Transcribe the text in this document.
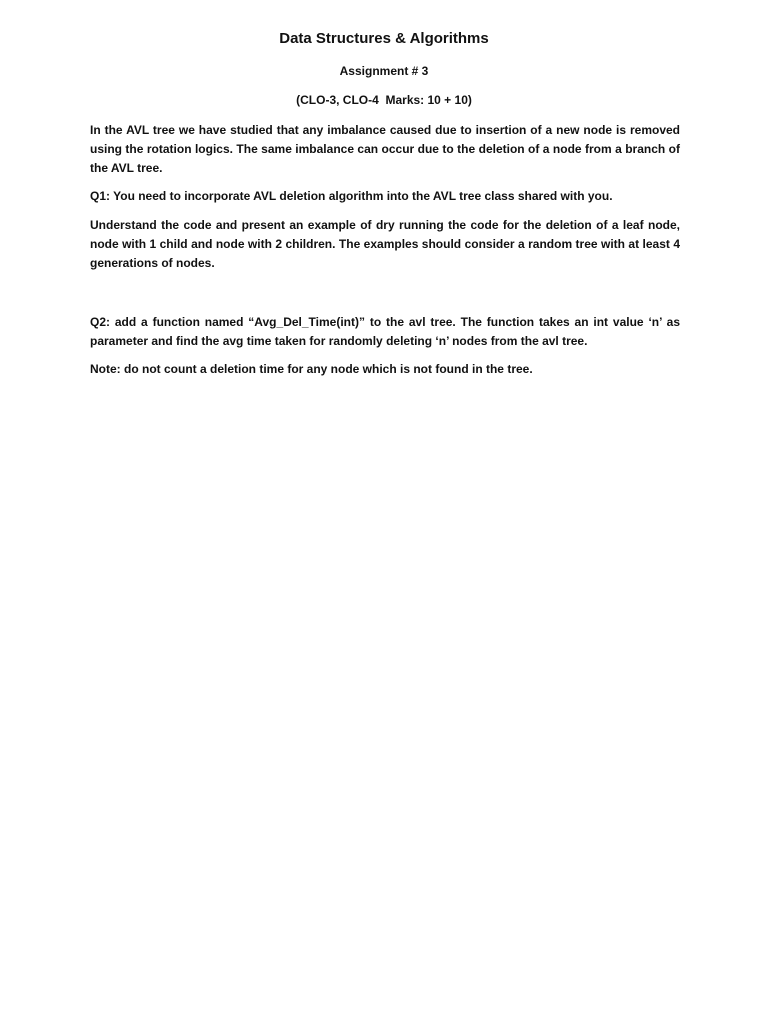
Data Structures & Algorithms
Assignment # 3
(CLO-3, CLO-4  Marks: 10 + 10)
In the AVL tree we have studied that any imbalance caused due to insertion of a new node is removed using the rotation logics. The same imbalance can occur due to the deletion of a node from a branch of the AVL tree.
Q1: You need to incorporate AVL deletion algorithm into the AVL tree class shared with you.
Understand the code and present an example of dry running the code for the deletion of a leaf node, node with 1 child and node with 2 children. The examples should consider a random tree with at least 4 generations of nodes.
Q2: add a function named “Avg_Del_Time(int)” to the avl tree. The function takes an int value ‘n’ as parameter and find the avg time taken for randomly deleting ‘n’ nodes from the avl tree.
Note: do not count a deletion time for any node which is not found in the tree.
